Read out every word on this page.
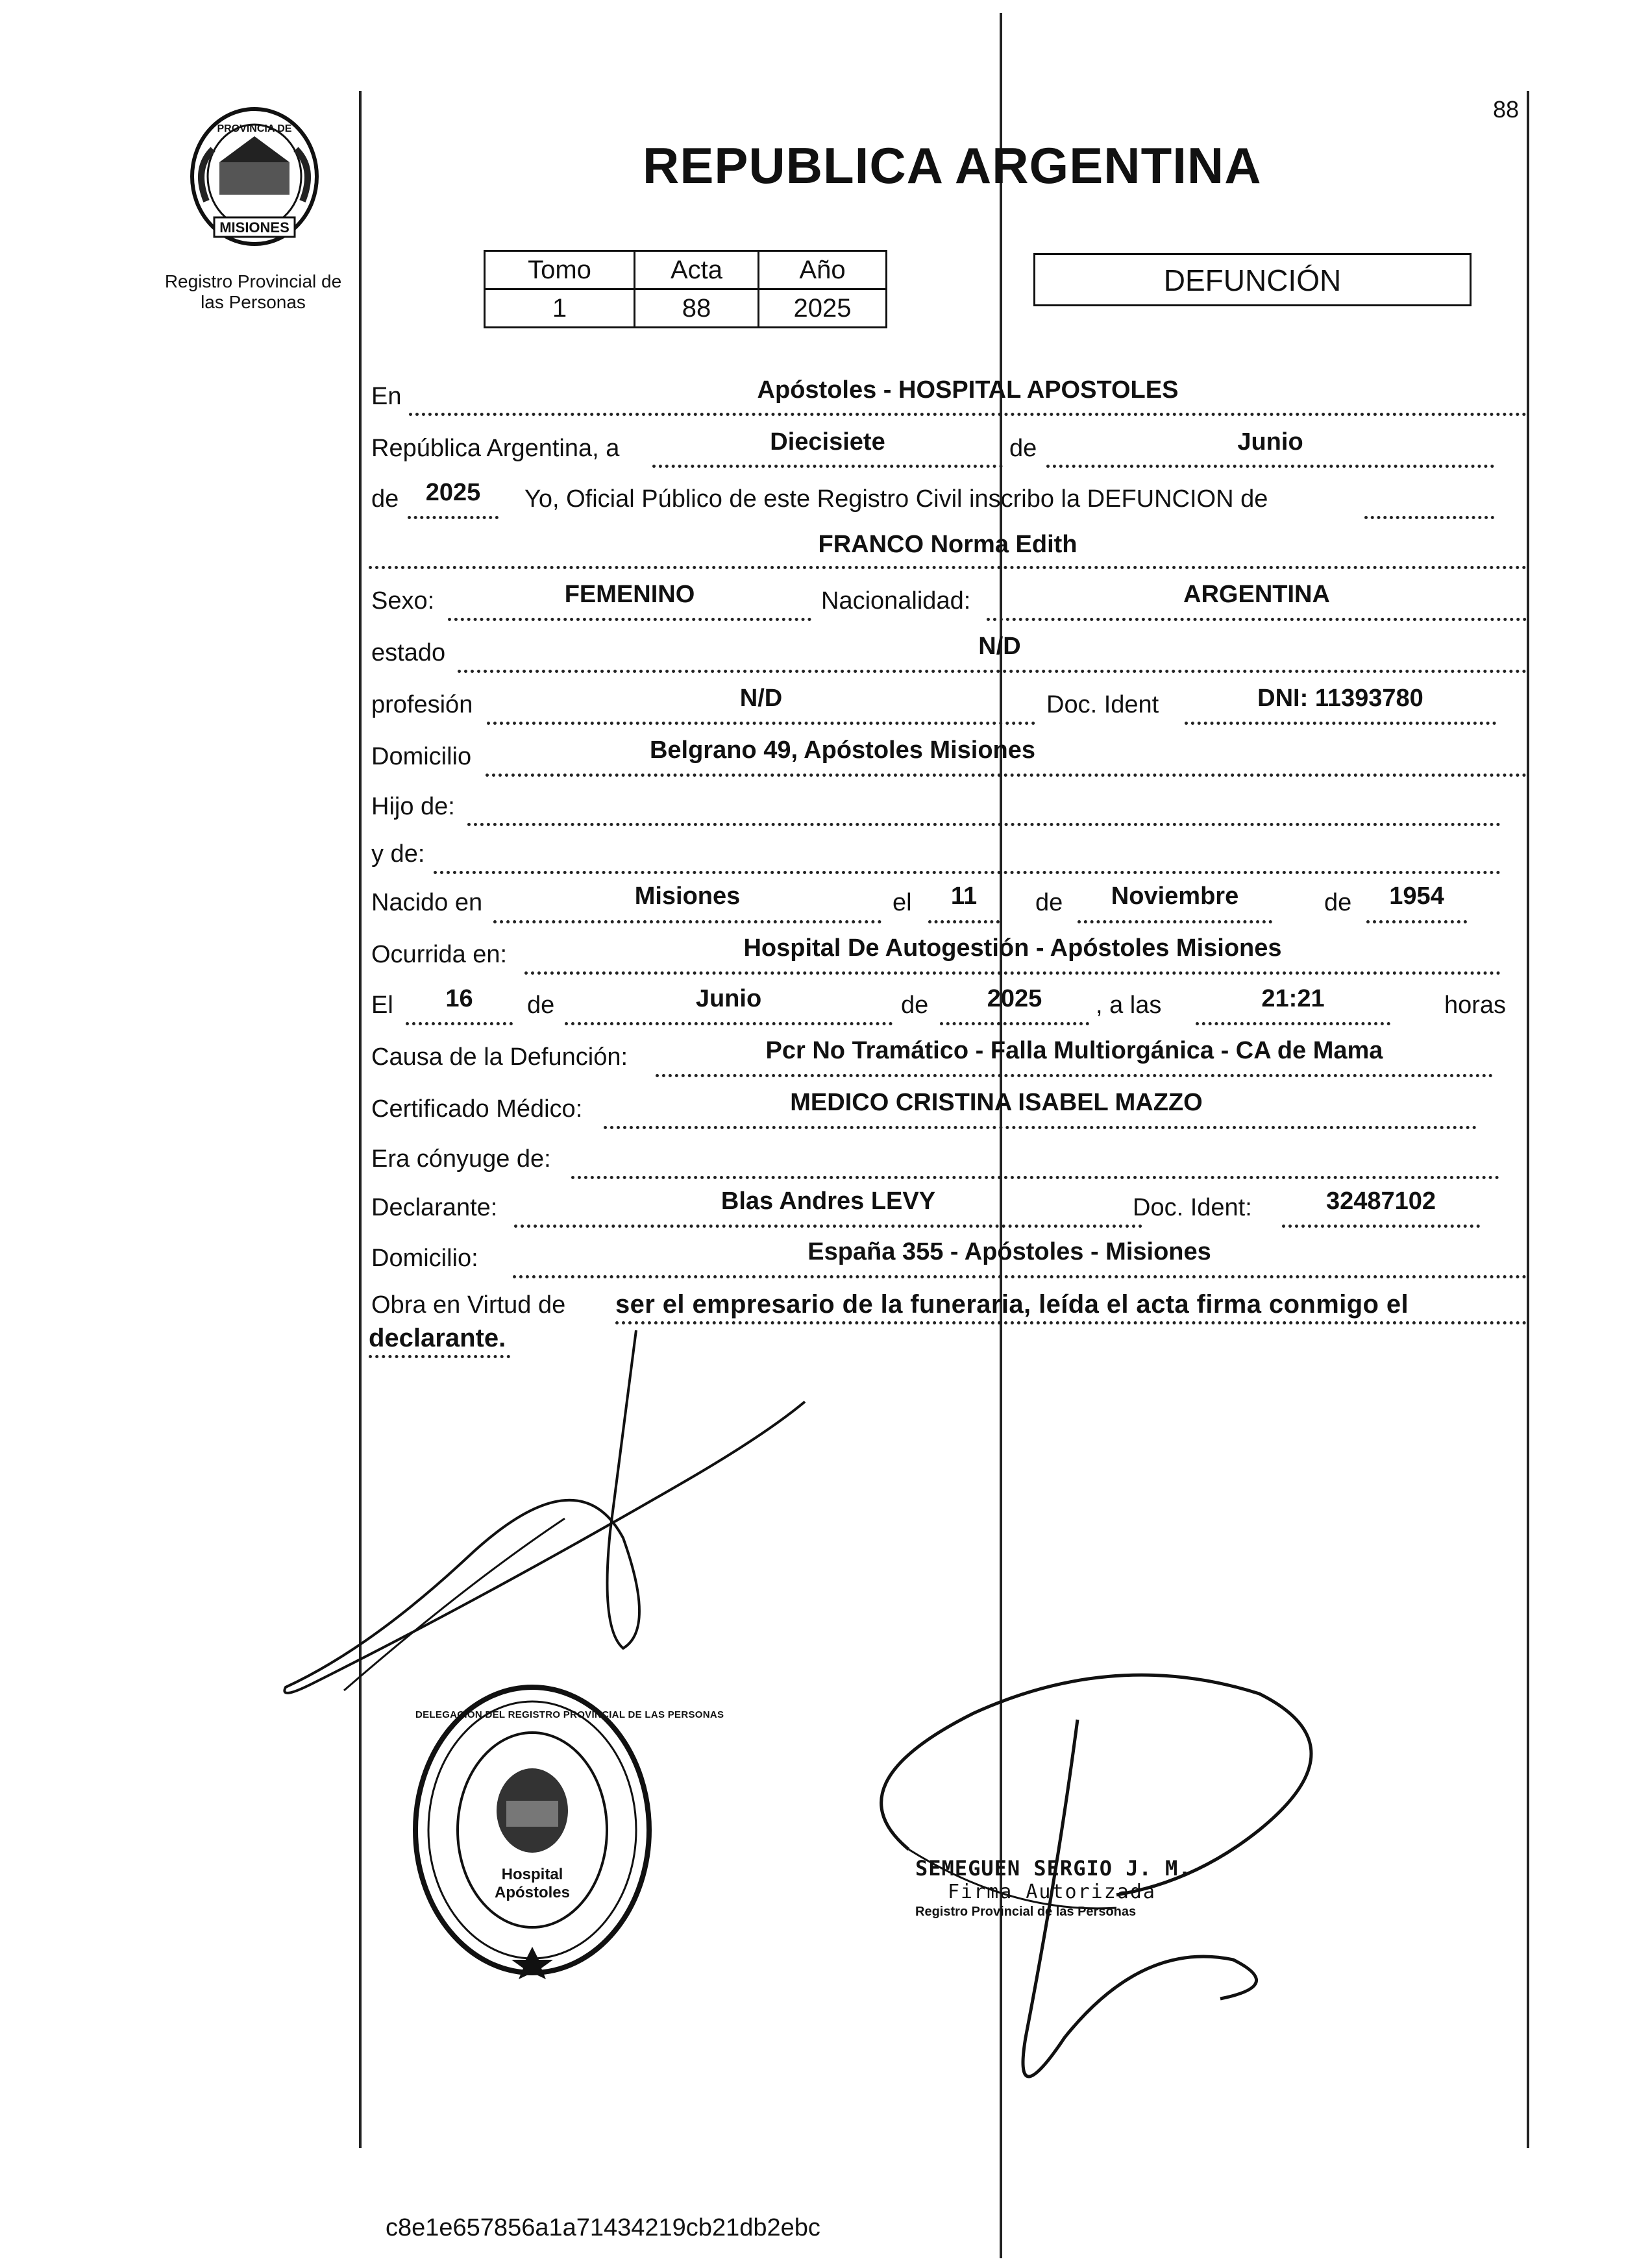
88
MISIONES
PROVINCIA DE
Registro Provincial de
las Personas
REPUBLICA ARGENTINA
Tomo	Acta	Año
1	88	2025
DEFUNCIÓN
En	Apóstoles - HOSPITAL APOSTOLES
República Argentina, a	Diecisiete	de	Junio
de	2025	Yo, Oficial Público de este Registro Civil inscribo la DEFUNCION de
FRANCO Norma Edith
Sexo:	FEMENINO	Nacionalidad:	ARGENTINA
estado	N/D
profesión	N/D	Doc. Ident	DNI: 11393780
Domicilio	Belgrano 49, Apóstoles Misiones
Hijo de:
y de:
Nacido en	Misiones	el	11	de	Noviembre	de	1954
Ocurrida en:	Hospital De Autogestión - Apóstoles Misiones
El	16	de	Junio	de	2025	, a las	21:21	horas
Causa de la Defunción:	Pcr No Tramático - Falla Multiorgánica - CA de Mama
Certificado Médico:	MEDICO CRISTINA ISABEL MAZZO
Era cónyuge de:
Declarante:	Blas Andres LEVY	Doc. Ident:	32487102
Domicilio:	España 355 - Apóstoles - Misiones
Obra en Virtud de ser el empresario de la funeraria, leída el acta firma conmigo el
declarante.
DELEGACION DEL REGISTRO PROVINCIAL DE LAS PERSONAS
Hospital Apóstoles
SEMEGUEN SERGIO J. M.
Firma Autorizada
Registro Provincial de las Personas
c8e1e657856a1a71434219cb21db2ebc
